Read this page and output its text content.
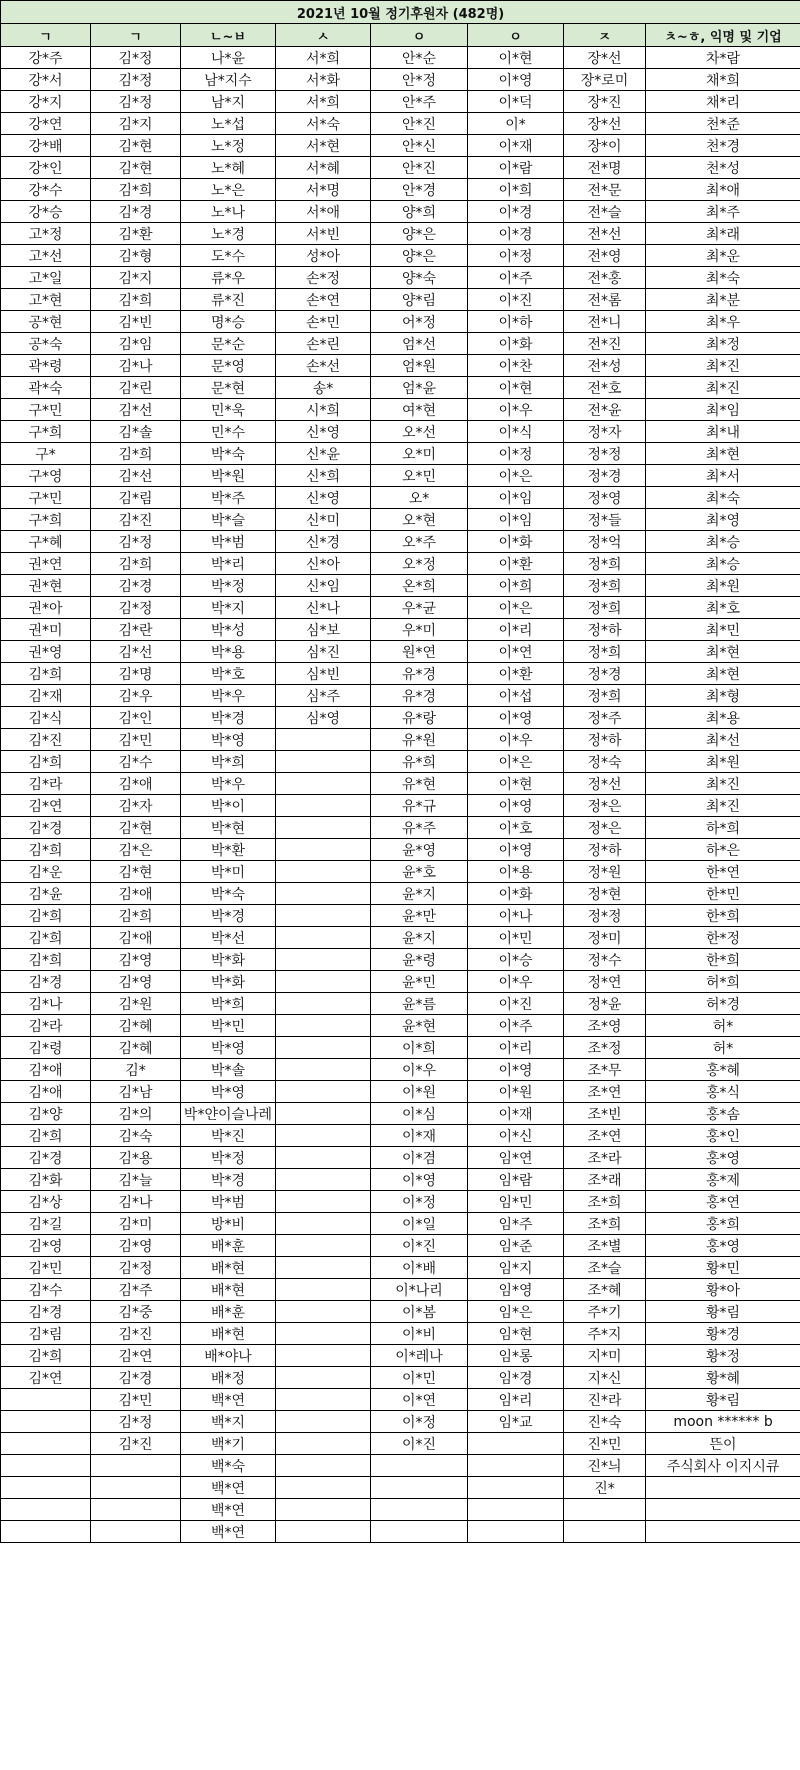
2021년 10월 정기후원자 (482명)							
ㄱ	ㄱ	ㄴ~ㅂ	ㅅ	ㅇ	ㅇ	ㅈ	ㅊ~ㅎ, 익명 및 기업
강*주	김*정	나*윤	서*희	안*순	이*현	장*선	차*람
강*서	김*정	남*지수	서*화	안*정	이*영	장*로미	채*희
강*지	김*정	남*지	서*희	안*주	이*덕	장*진	채*리
강*연	김*지	노*섭	서*숙	안*진	이*	장*선	천*준
강*배	김*현	노*정	서*현	안*신	이*재	장*이	천*경
강*인	김*현	노*혜	서*혜	안*진	이*람	전*명	천*성
강*수	김*희	노*은	서*명	안*경	이*희	전*문	최*애
강*승	김*경	노*나	서*애	양*희	이*경	전*슬	최*주
고*정	김*환	노*경	서*빈	양*은	이*경	전*선	최*래
고*선	김*형	도*수	성*아	양*은	이*정	전*영	최*운
고*일	김*지	류*우	손*정	양*숙	이*주	전*홍	최*숙
고*현	김*희	류*진	손*연	양*림	이*진	전*롬	최*분
공*현	김*빈	명*승	손*민	어*정	이*하	전*니	최*우
공*숙	김*임	문*순	손*린	엄*선	이*화	전*진	최*정
곽*령	김*나	문*영	손*선	엄*원	이*찬	전*성	최*진
곽*숙	김*린	문*현	송*	엄*윤	이*현	전*호	최*진
구*민	김*선	민*욱	시*희	여*현	이*우	전*윤	최*임
구*희	김*솔	민*수	신*영	오*선	이*식	정*자	최*내
구*	김*희	박*숙	신*윤	오*미	이*정	정*정	최*현
구*영	김*선	박*원	신*희	오*민	이*은	정*경	최*서
구*민	김*림	박*주	신*영	오*	이*임	정*영	최*숙
구*희	김*진	박*슬	신*미	오*현	이*임	정*들	최*영
구*혜	김*정	박*범	신*경	오*주	이*화	정*억	최*승
권*연	김*희	박*리	신*아	오*정	이*환	정*희	최*승
권*현	김*경	박*정	신*임	온*희	이*희	정*희	최*원
권*아	김*정	박*지	신*나	우*균	이*은	정*희	최*호
권*미	김*란	박*성	심*보	우*미	이*리	정*하	최*민
권*영	김*선	박*용	심*진	원*연	이*연	정*희	최*현
김*희	김*명	박*호	심*빈	유*경	이*환	정*경	최*현
김*재	김*우	박*우	심*주	유*경	이*섭	정*희	최*형
김*식	김*인	박*경	심*영	유*랑	이*영	정*주	최*용
김*진	김*민	박*영		유*원	이*우	정*하	최*선
김*희	김*수	박*희		유*희	이*은	정*숙	최*원
김*라	김*애	박*우		유*현	이*현	정*선	최*진
김*연	김*자	박*이		유*규	이*영	정*은	최*진
김*경	김*현	박*현		유*주	이*호	정*은	하*희
김*희	김*은	박*환		윤*영	이*영	정*하	하*은
김*운	김*현	박*미		윤*호	이*용	정*원	한*연
김*윤	김*애	박*숙		윤*지	이*화	정*현	한*민
김*희	김*희	박*경		윤*만	이*나	정*정	한*희
김*희	김*애	박*선		윤*지	이*민	정*미	한*정
김*희	김*영	박*화		윤*령	이*승	정*수	한*희
김*경	김*영	박*화		윤*민	이*우	정*연	허*희
김*나	김*원	박*희		윤*름	이*진	정*윤	허*경
김*라	김*혜	박*민		윤*현	이*주	조*영	허*
김*령	김*혜	박*영		이*희	이*리	조*정	허*
김*애	김*	박*솔		이*우	이*영	조*무	홍*혜
김*애	김*남	박*영		이*원	이*원	조*연	홍*식
김*양	김*의	박*얀이슬나레		이*심	이*재	조*빈	홍*솜
김*희	김*숙	박*진		이*재	이*신	조*연	홍*인
김*경	김*용	박*정		이*겸	임*연	조*라	홍*영
김*화	김*늘	박*경		이*영	임*람	조*래	홍*제
김*상	김*나	박*범		이*정	임*민	조*희	홍*연
김*길	김*미	방*비		이*일	임*주	조*희	홍*희
김*영	김*영	배*훈		이*진	임*준	조*별	홍*영
김*민	김*정	배*현		이*배	임*지	조*슬	황*민
김*수	김*주	배*현		이*나리	임*영	조*혜	황*아
김*경	김*중	배*훈		이*봄	임*은	주*기	황*림
김*림	김*진	배*현		이*비	임*현	주*지	황*경
김*희	김*연	배*야나		이*레나	임*롱	지*미	황*정
김*연	김*경	배*정		이*민	임*경	지*신	황*혜
	김*민	백*연		이*연	임*리	진*라	황*림
	김*정	백*지		이*정	임*교	진*숙	moon ****** b
	김*진	백*기		이*진		진*민	뜬이
		백*숙				진*늬	주식회사 이지시큐
		백*연				진*	
		백*연					
		백*연					
